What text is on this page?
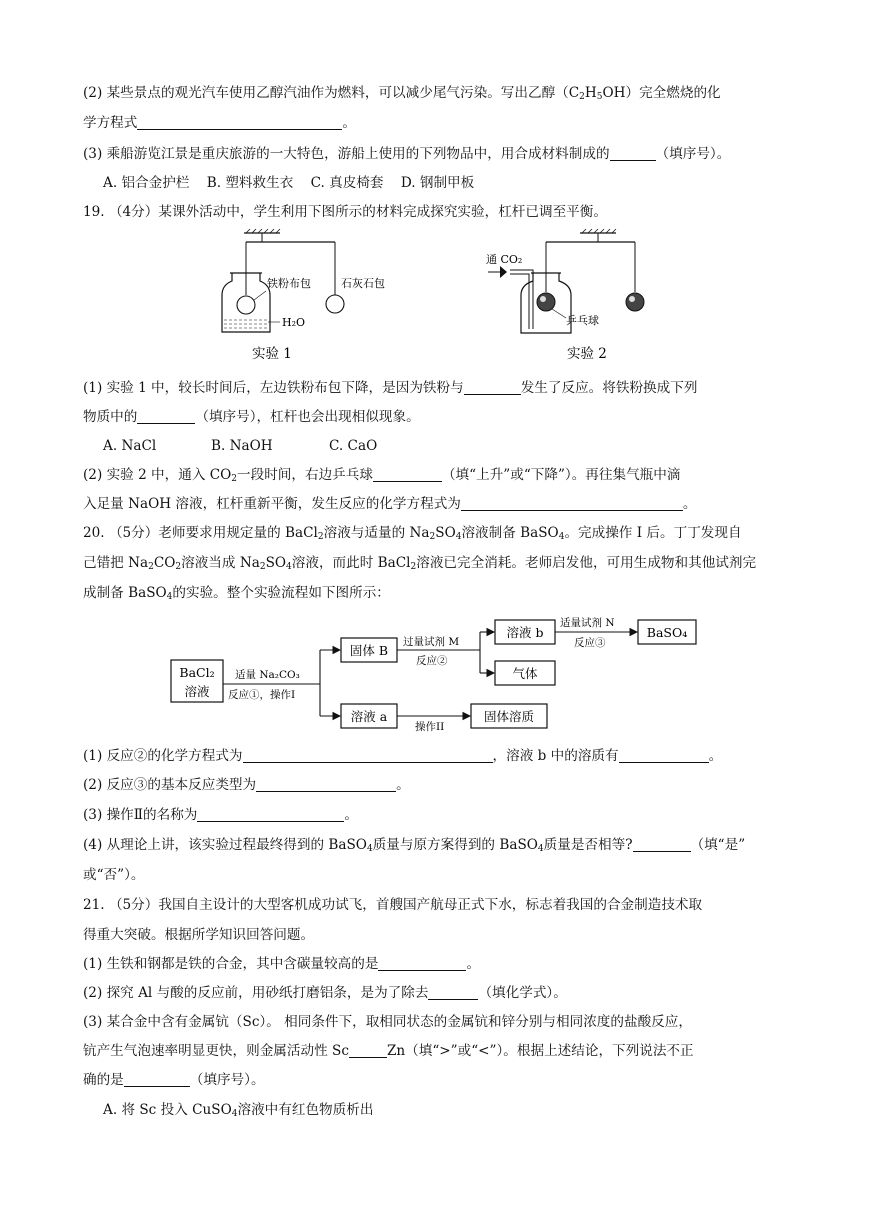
(2) 某些景点的观光汽车使用乙醇汽油作为燃料，可以减少尾气污染。写出乙醇$(C_2H_5OH)$完全燃烧的化
学方程式	。
(3) 乘船游览江景是重庆旅游的一大特色，游船上使用的下列物品中，用合成材料制成的	（填序号）。
A. 铝合金护栏    B. 塑料救生衣    C. 真皮椅套    D. 钢制甲板
19. （4分）某课外活动中，学生利用下图所示的材料完成探究实验，杠杆已调至平衡。
铁粉布包	石灰石包
H₂O
实验 1
通 CO₂
乒乓球
实验 2
(1) 实验 1 中，较长时间后，左边铁粉布包下降，是因为铁粉与	发生了反应。将铁粉换成下列
物质中的	（填序号），杠杆也会出现相似现象。
A. NaCl	B. NaOH	C. CaO
(2) 实验 2 中，通入 $CO_2$一段时间，右边乒乓球	（填“上升”或“下降”）。再往集气瓶中滴
入足量 NaOH 溶液，杠杆重新平衡，发生反应的化学方程式为	。
20. （5分）老师要求用规定量的 BaCl$_2$溶液与适量的 $Na_2SO_4$溶液制备 BaSO$_4$。完成操作 I 后。丁丁发现自
己错把 $Na_2CO_2$溶液当成 $Na_2SO_4$溶液，而此时 BaCl$_2$溶液已完全消耗。老师启发他，可用生成物和其他试剂完
成制备 BaSO$_4$的实验。整个实验流程如下图所示：
BaCl₂
溶液
适量 Na₂CO₃
反应①，操作I
固体 B
过量试剂 M
反应②
溶液 b
气体
适量试剂 N
反应③
BaSO₄
溶液 a
操作II
固体溶质
(1) 反应②的化学方程式为	，溶液 b 中的溶质有	。
(2) 反应③的基本反应类型为	。
(3) 操作Ⅱ的名称为	。
(4) 从理论上讲，该实验过程最终得到的 BaSO$_4$质量与原方案得到的 BaSO$_4$质量是否相等?	（填“是”
或“否”）。
21. （5分）我国自主设计的大型客机成功试飞，首艘国产航母正式下水，标志着我国的合金制造技术取
得重大突破。根据所学知识回答问题。
(1) 生铁和钢都是铁的合金，其中含碳量较高的是	。
(2) 探究 Al 与酸的反应前，用砂纸打磨铝条，是为了除去	（填化学式）。
(3) 某合金中含有金属钪（Sc）。 相同条件下，取相同状态的金属钪和锌分别与相同浓度的盐酸反应，
钪产生气泡速率明显更快，则金属活动性 Sc	Zn（填“>”或“<”）。根据上述结论，下列说法不正
确的是	（填序号）。
A. 将 Sc 投入 CuSO$_4$溶液中有红色物质析出
